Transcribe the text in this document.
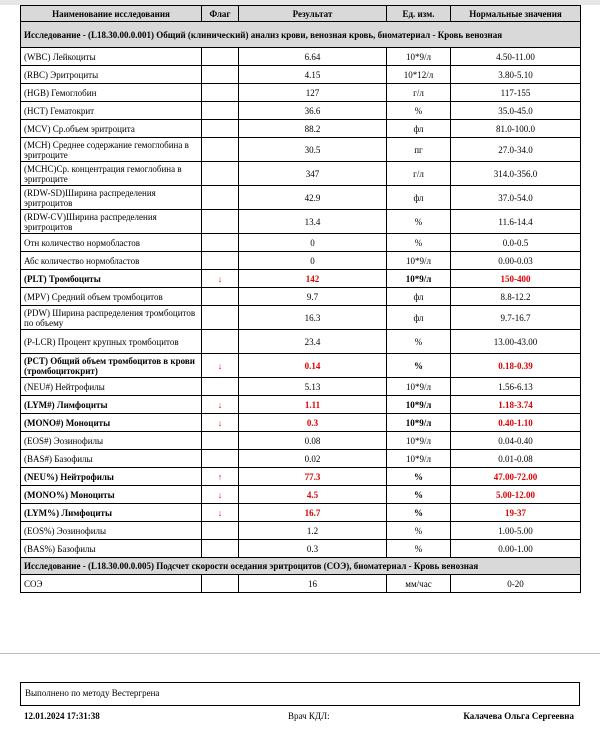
Наименование исследования	Флаг	Результат	Ед. изм.	Нормальные значения
Исследование - (L18.30.00.0.001) Общий (клинический) анализ крови, венозная кровь, биоматериал - Кровь венозная				
(WBC) Лейкоциты		6.64	10*9/л	4.50-11.00
(RBC) Эритроциты		4.15	10*12/л	3.80-5.10
(HGB) Гемоглобин		127	г/л	117-155
(HCT) Гематокрит		36.6	%	35.0-45.0
(MCV) Ср.объем эритроцита		88.2	фл	81.0-100.0
(MCH) Среднее содержание гемоглобина в эритроците		30.5	пг	27.0-34.0
(MCHC)Ср. концентрация гемоглобина в эритроците		347	г/л	314.0-356.0
(RDW-SD)Ширина распределения эритроцитов		42.9	фл	37.0-54.0
(RDW-CV)Ширина распределения эритроцитов		13.4	%	11.6-14.4
Отн количество нормобластов		0	%	0.0-0.5
Абс количество нормобластов		0	10*9/л	0.00-0.03
(PLT) Тромбоциты	↓	142	10*9/л	150-400
(MPV) Средний объем тромбоцитов		9.7	фл	8.8-12.2
(PDW) Ширина распределения тромбоцитов по объему		16.3	фл	9.7-16.7
(P-LCR) Процент крупных тромбоцитов		23.4	%	13.00-43.00
(PCT) Общий объем тромбоцитов в крови (тромбоцитокрит)	↓	0.14	%	0.18-0.39
(NEU#) Нейтрофилы		5.13	10*9/л	1.56-6.13
(LYM#) Лимфоциты	↓	1.11	10*9/л	1.18-3.74
(MONO#) Моноциты	↓	0.3	10*9/л	0.40-1.10
(EOS#) Эозинофилы		0.08	10*9/л	0.04-0.40
(BAS#) Базофилы		0.02	10*9/л	0.01-0.08
(NEU%) Нейтрофилы	↑	77.3	%	47.00-72.00
(MONO%) Моноциты	↓	4.5	%	5.00-12.00
(LYM%) Лимфоциты	↓	16.7	%	19-37
(EOS%) Эозинофилы		1.2	%	1.00-5.00
(BAS%) Базофилы		0.3	%	0.00-1.00
Исследование - (L18.30.00.0.005) Подсчет скорости оседания эритроцитов (СОЭ), биоматериал - Кровь венозная				
СОЭ		16	мм/час	0-20
Выполнено по методу Вестергрена
12.01.2024 17:31:38	Врач КДЛ:	Калачева Ольга Сергеевна
